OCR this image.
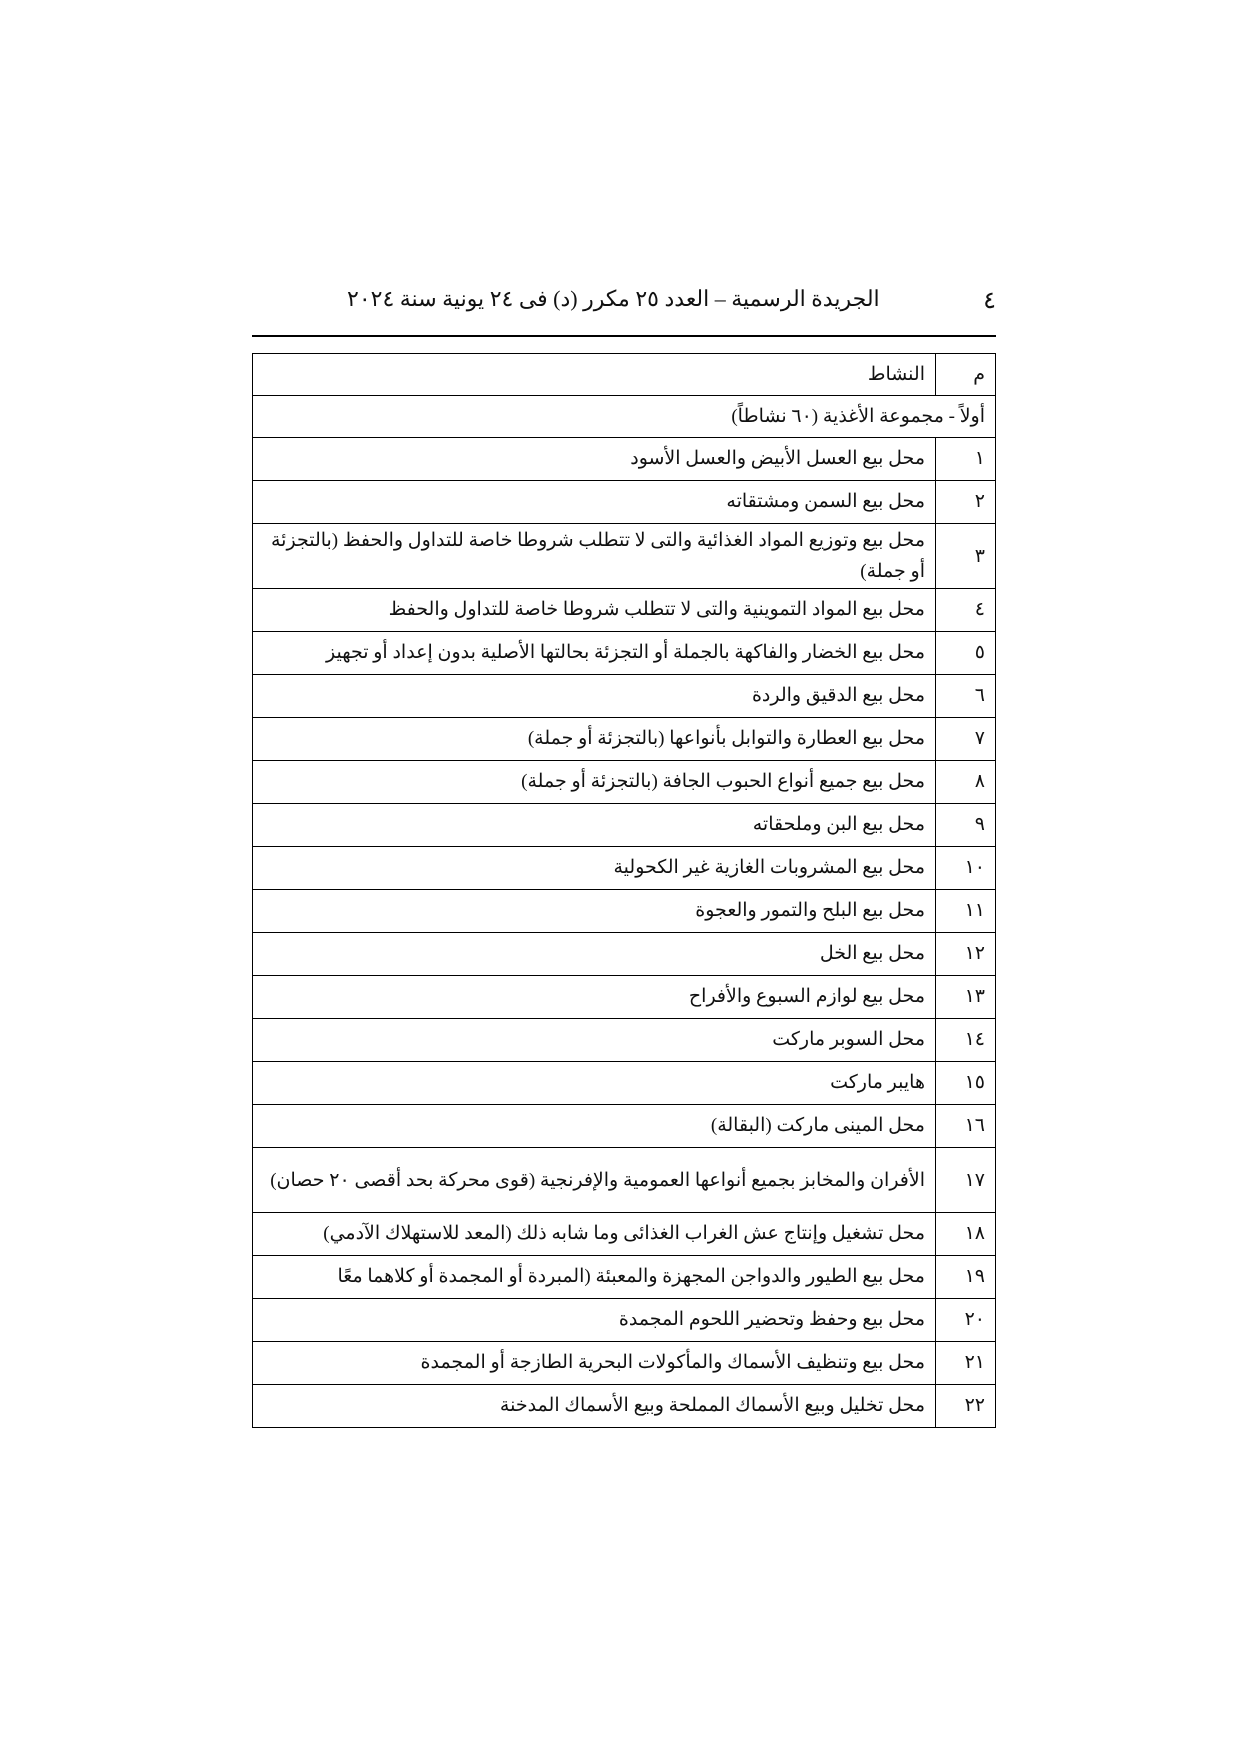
٤
الجريدة الرسمية – العدد ٢٥ مكرر (د) فى ٢٤ يونية سنة ٢٠٢٤
م	النشاط
أولاً - مجموعة الأغذية (٦٠ نشاطاً)	
١	محل بيع العسل الأبيض والعسل الأسود
٢	محل بيع السمن ومشتقاته
٣	محل بيع وتوزيع المواد الغذائية والتى لا تتطلب شروطا خاصة للتداول والحفظ (بالتجزئة أو جملة)
٤	محل بيع المواد التموينية والتى لا تتطلب شروطا خاصة للتداول والحفظ
٥	محل بيع الخضار والفاكهة بالجملة أو التجزئة بحالتها الأصلية بدون إعداد أو تجهيز
٦	محل بيع الدقيق والردة
٧	محل بيع العطارة والتوابل بأنواعها (بالتجزئة أو جملة)
٨	محل بيع جميع أنواع الحبوب الجافة (بالتجزئة أو جملة)
٩	محل بيع البن وملحقاته
١٠	محل بيع المشروبات الغازية غير الكحولية
١١	محل بيع البلح والتمور والعجوة
١٢	محل بيع الخل
١٣	محل بيع لوازم السبوع والأفراح
١٤	محل السوبر ماركت
١٥	هايبر ماركت
١٦	محل المينى ماركت (البقالة)
١٧	الأفران والمخابز بجميع أنواعها العمومية والإفرنجية (قوى محركة بحد أقصى ٢٠ حصان)
١٨	محل تشغيل وإنتاج عش الغراب الغذائى وما شابه ذلك (المعد للاستهلاك الآدمي)
١٩	محل بيع الطيور والدواجن المجهزة والمعبئة (المبردة أو المجمدة أو كلاهما معًا
٢٠	محل بيع وحفظ وتحضير اللحوم المجمدة
٢١	محل بيع وتنظيف الأسماك والمأكولات البحرية الطازجة أو المجمدة
٢٢	محل تخليل وبيع الأسماك المملحة وبيع الأسماك المدخنة
